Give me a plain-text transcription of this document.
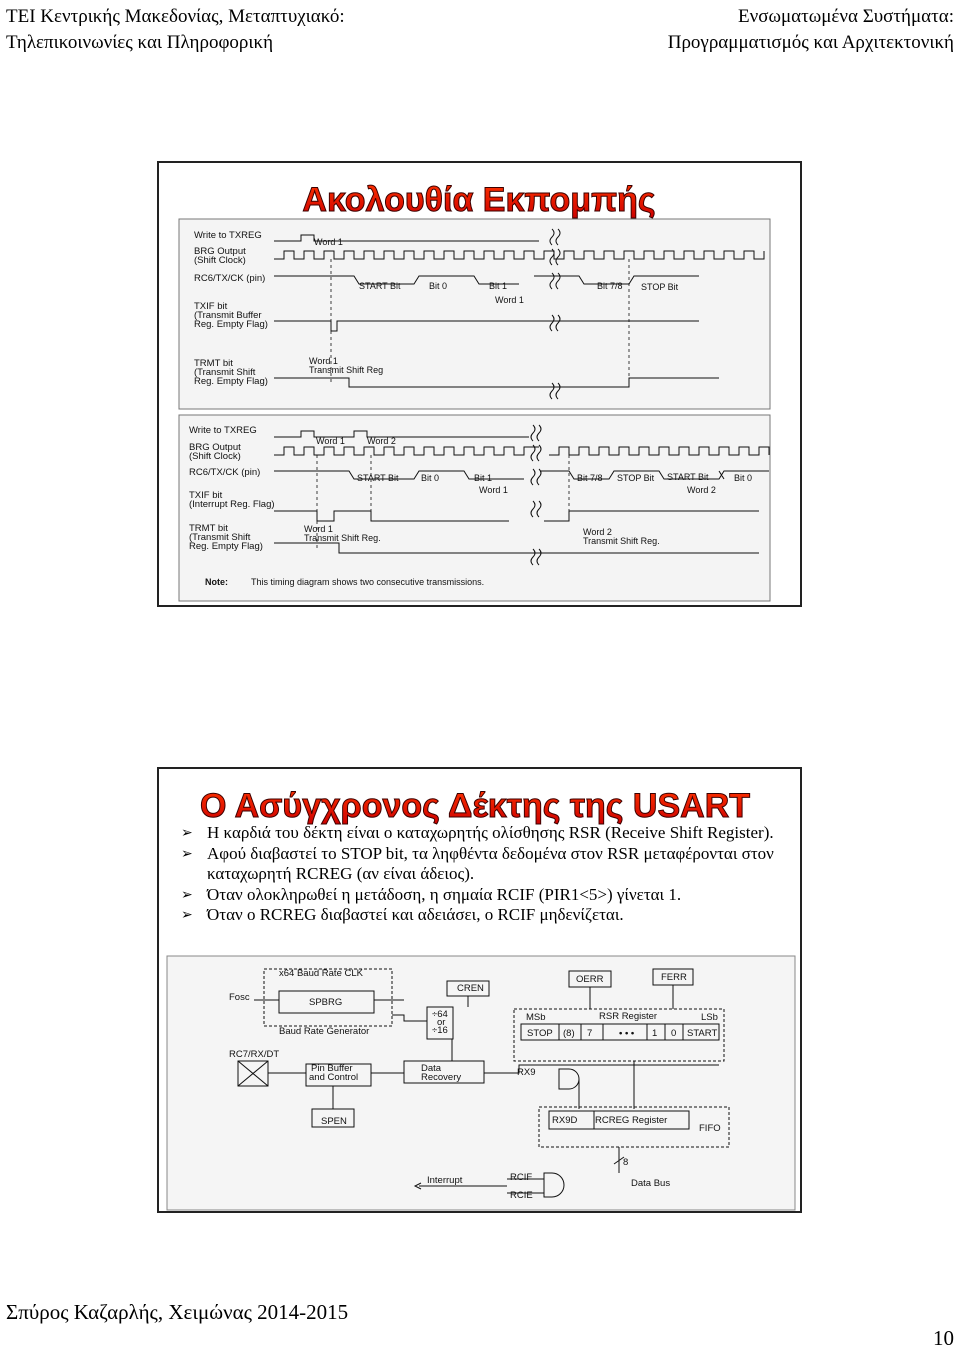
ΤΕΙ Κεντρικής Μακεδονίας, Μεταπτυχιακό:
Τηλεπικοινωνίες και Πληροφορική
Ενσωματωμένα Συστήματα:
Προγραμματισμός και Αρχιτεκτονική
Ακολουθία Εκπομπής
Write to TXREG
BRG Output
(Shift Clock)
RC6/TX/CK (pin)
TXIF bit
(Transmit Buffer
Reg. Empty Flag)
TRMT bit
(Transmit Shift
Reg. Empty Flag)
Word 1
START Bit	Bit 0	Bit 1	Bit 7/8 STOP Bit
Word 1
Word 1
Transmit Shift Reg
Write to TXREG
BRG Output
(Shift Clock)
RC6/TX/CK (pin)
TXIF bit
(Interrupt Reg. Flag)
TRMT bit
(Transmit Shift
Reg. Empty Flag)
Word 1 Word 2
START Bit Bit 0	Bit 1	Bit 7/8 STOP Bit START Bit	Bit 0
Word 1	Word 2
Word 1
Transmit Shift Reg.
Word 2
Transmit Shift Reg.
Note:	This timing diagram shows two consecutive transmissions.
Ο Ασύγχρονος Δέκτης της USART
x64 Baud Rate CLK
Fosc	SPBRG
Baud Rate Generator
CREN
÷64
or
÷16
OERR	FERR
MSb	RSR Register	LSb
STOP (8) 7	• • • 1 0 START
RC7/RX/DT
Pin Buffer
and Control
Data
Recovery	RX9
SPEN	RX9D RCREG Register
FIFO
8
Data Bus
Interrupt	RCIF
RCIE
➢ Η καρδιά του δέκτη είναι ο καταχωρητής ολίσθησης RSR (Receive Shift Register).
➢ Αφού διαβαστεί το STOP bit, τα ληφθέντα δεδομένα στον RSR μεταφέρονται στον καταχωρητή RCREG (αν είναι άδειος).
➢ Όταν ολοκληρωθεί η μετάδοση, η σημαία RCIF (PIR1<5>) γίνεται 1.
➢ Όταν ο RCREG διαβαστεί και αδειάσει, ο RCIF μηδενίζεται.
Σπύρος Καζαρλής, Χειμώνας 2014-2015
10
